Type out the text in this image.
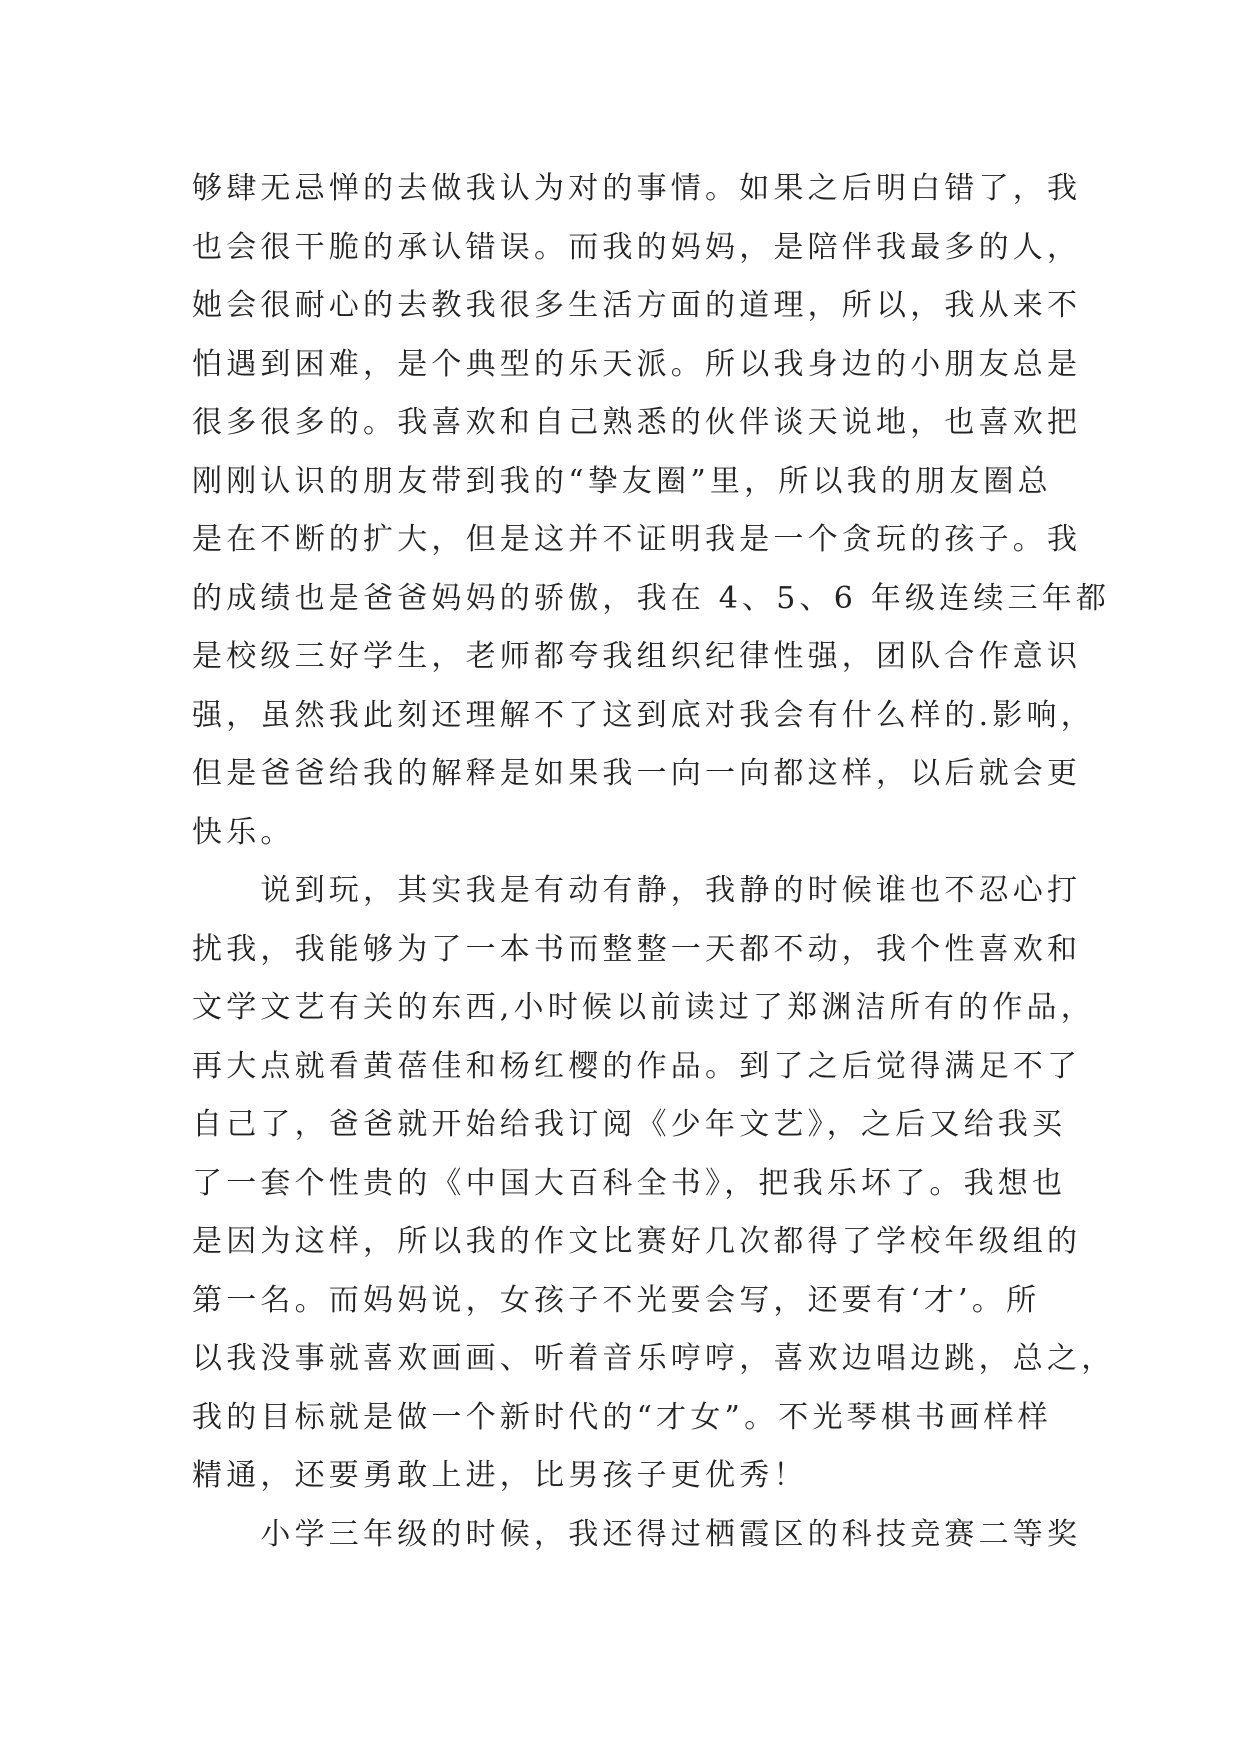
够肆无忌惮的去做我认为对的事情。如果之后明白错了，我
也会很干脆的承认错误。而我的妈妈，是陪伴我最多的人，
她会很耐心的去教我很多生活方面的道理，所以，我从来不
怕遇到困难，是个典型的乐天派。所以我身边的小朋友总是
很多很多的。我喜欢和自己熟悉的伙伴谈天说地，也喜欢把
刚刚认识的朋友带到我的“挚友圈”里，所以我的朋友圈总
是在不断的扩大，但是这并不证明我是一个贪玩的孩子。我
的成绩也是爸爸妈妈的骄傲，我在 4、5、6 年级连续三年都
是校级三好学生，老师都夸我组织纪律性强，团队合作意识
强，虽然我此刻还理解不了这到底对我会有什么样的.影响，
但是爸爸给我的解释是如果我一向一向都这样，以后就会更
快乐。
　　说到玩，其实我是有动有静，我静的时候谁也不忍心打
扰我，我能够为了一本书而整整一天都不动，我个性喜欢和
文学文艺有关的东西,小时候以前读过了郑渊洁所有的作品，
再大点就看黄蓓佳和杨红樱的作品。到了之后觉得满足不了
自己了，爸爸就开始给我订阅《少年文艺》，之后又给我买
了一套个性贵的《中国大百科全书》，把我乐坏了。我想也
是因为这样，所以我的作文比赛好几次都得了学校年级组的
第一名。而妈妈说，女孩子不光要会写，还要有‘才’。所
以我没事就喜欢画画、听着音乐哼哼，喜欢边唱边跳，总之，
我的目标就是做一个新时代的“才女”。不光琴棋书画样样
精通，还要勇敢上进，比男孩子更优秀！
　　小学三年级的时候，我还得过栖霞区的科技竞赛二等奖
